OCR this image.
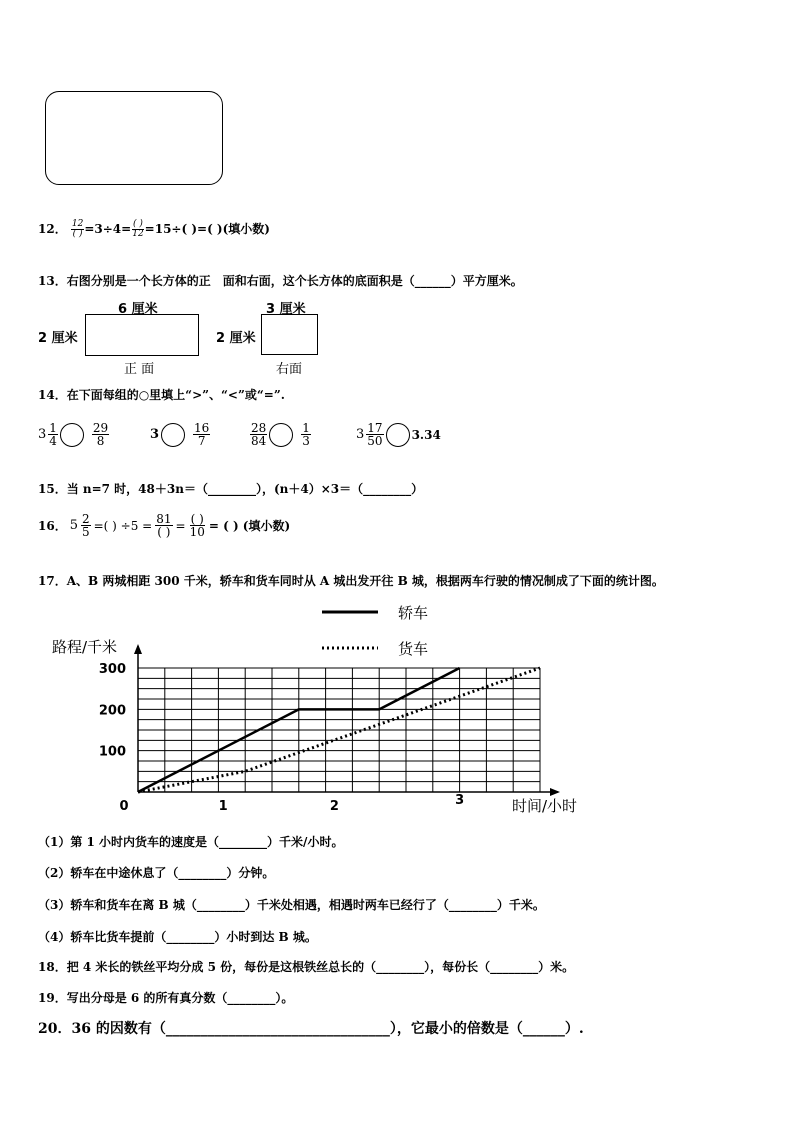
12． $\frac{12}{( )} =3\div 4= \frac{( )}{12} =15\div$( )=( )(填小数)
13．右图分别是一个长方体的正　面和右面，这个长方体的底面积是（______）平方厘米。
6 厘米
2 厘米
正 面
3 厘米
2 厘米
右面
14．在下面每组的○里填上“>”、“<”或“=”.
$3 \frac{1}{4}$	$\frac{29}{8}$	3	$\frac{16}{7}$	$\frac{28}{84}$	$\frac{1}{3}$	$3 \frac{17}{50} 3.34$
15．当 n=7 时，48＋3n＝（________），(n＋4）×3＝（________）
16． $5 \frac{2}{5}$ =( ) $\div 5 = \frac{81}{( )} = \frac{( )}{10}$ = ( ) (填小数)
17．A、B 两城相距 300 千米，轿车和货车同时从 A 城出发开往 B 城，根据两车行驶的情况制成了下面的统计图。
轿车
货车
100
200
300
0	1	2	3
路程/千米
时间/小时
（1）第 1 小时内货车的速度是（________）千米/小时。
（2）轿车在中途休息了（________）分钟。
（3）轿车和货车在离 B 城（________）千米处相遇，相遇时两车已经行了（________）千米。
（4）轿车比货车提前（________）小时到达 B 城。
18．把 4 米长的铁丝平均分成 5 份，每份是这根铁丝总长的（________），每份长（________）米。
19．写出分母是 6 的所有真分数（________）。
20．36 的因数有（________________________________），它最小的倍数是（______）.
